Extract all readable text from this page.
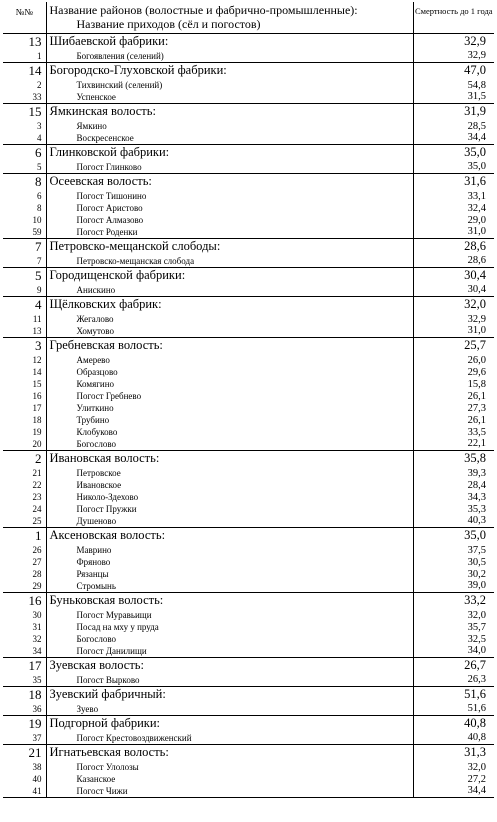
№№	Название районов (волостные и фабрично-промышленные):
Название приходов (сёл и погостов)	Смертность до 1 года
13	Шибаевской фабрики:	32,9
1	Богоявления (селений)	32,9
14	Богородско-Глуховской фабрики:	47,0
2	Тихвинский (селений)	54,8
33	Успенское	31,5
15	Ямкинская волость:	31,9
3	Ямкино	28,5
4	Воскресенское	34,4
6	Глинковской фабрики:	35,0
5	Погост Глинково	35,0
8	Осеевская волость:	31,6
6	Погост Тишонино	33,1
8	Погост Аристово	32,4
10	Погост Алмазово	29,0
59	Погост Роденки	31,0
7	Петровско-мещанской слободы:	28,6
7	Петровско-мещанская слобода	28,6
5	Городищенской фабрики:	30,4
9	Анискино	30,4
4	Щёлковских фабрик:	32,0
11	Жегалово	32,9
13	Хомутово	31,0
3	Гребневская волость:	25,7
12	Амерево	26,0
14	Образцово	29,6
15	Комягино	15,8
16	Погост Гребнево	26,1
17	Улиткино	27,3
18	Трубино	26,1
19	Клобуково	33,5
20	Богослово	22,1
2	Ивановская волость:	35,8
21	Петровское	39,3
22	Ивановское	28,4
23	Николо-Здехово	34,3
24	Погост Пружки	35,3
25	Душеново	40,3
1	Аксеновская волость:	35,0
26	Маврино	37,5
27	Фряново	30,5
28	Рязанцы	30,2
29	Стромынь	39,0
16	Буньковская волость:	33,2
30	Погост Муравьищи	32,0
31	Посад на мху у пруда	35,7
32	Богослово	32,5
34	Погост Данилищи	34,0
17	Зуевская волость:	26,7
35	Погост Вырково	26,3
18	Зуевский фабричный:	51,6
36	Зуево	51,6
19	Подгорной фабрики:	40,8
37	Погост Крестовоздвиженский	40,8
21	Игнатьевская волость:	31,3
38	Погост Улолозы	32,0
40	Казанское	27,2
41	Погост Чижи	34,4
